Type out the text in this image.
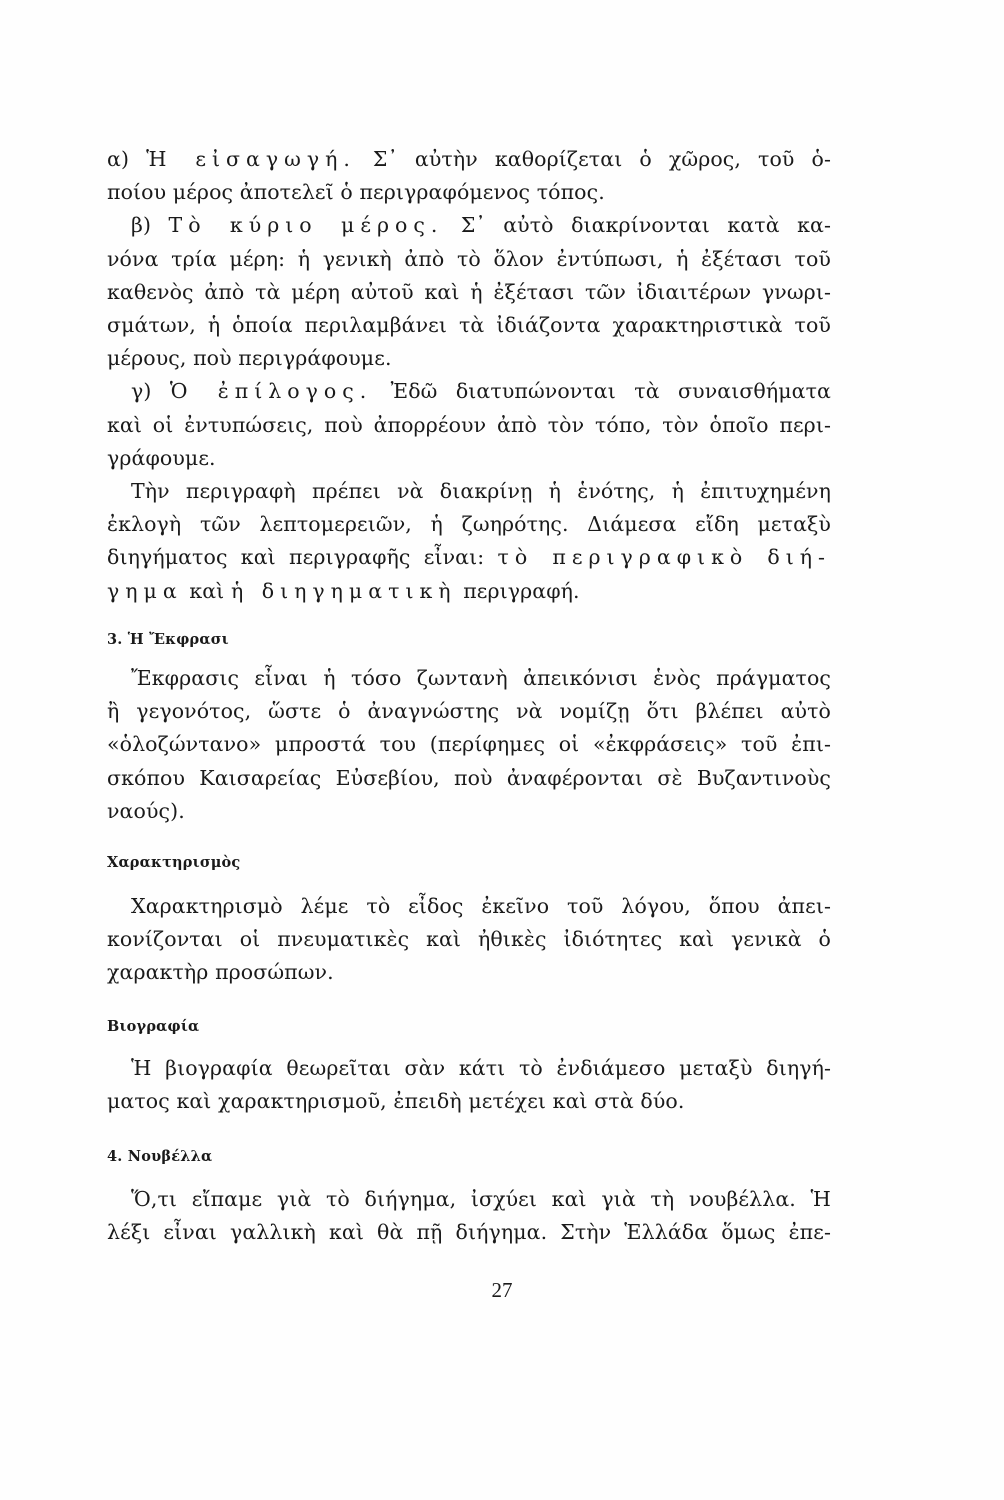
α) Ἡ εἰσαγωγή. Σ᾽ αὐτὴν καθορίζεται ὁ χῶρος, τοῦ ὁ-
ποίου μέρος ἀποτελεῖ ὁ περιγραφόμενος τόπος.
β) Τὸ κύριο μέρος. Σ᾽ αὐτὸ διακρίνονται κατὰ κα-
νόνα τρία μέρη: ἡ γενικὴ ἀπὸ τὸ ὅλον ἐντύπωσι, ἡ ἐξέτασι τοῦ
καθενὸς ἀπὸ τὰ μέρη αὐτοῦ καὶ ἡ ἐξέτασι τῶν ἰδιαιτέρων γνωρι-
σμάτων, ἡ ὁποία περιλαμβάνει τὰ ἰδιάζοντα χαρακτηριστικὰ τοῦ
μέρους, ποὺ περιγράφουμε.
γ) Ὁ ἐπίλογος. Ἐδῶ διατυπώνονται τὰ συναισθήματα
καὶ οἱ ἐντυπώσεις, ποὺ ἀπορρέουν ἀπὸ τὸν τόπο, τὸν ὁποῖο περι-
γράφουμε.
Τὴν περιγραφὴ πρέπει νὰ διακρίνῃ ἡ ἑνότης, ἡ ἐπιτυχημένη
ἐκλογὴ τῶν λεπτομερειῶν, ἡ ζωηρότης. Διάμεσα εἴδη μεταξὺ
διηγήματος καὶ περιγραφῆς εἶναι: τὸ περιγραφικὸ διή-
γημα καὶ ἡ διηγηματικὴ περιγραφή.
3. Ἡ Ἔκφρασι
Ἔκφρασις εἶναι ἡ τόσο ζωντανὴ ἀπεικόνισι ἑνὸς πράγματος
ἢ γεγονότος, ὥστε ὁ ἀναγνώστης νὰ νομίζῃ ὅτι βλέπει αὐτὸ
«ὁλοζώντανο» μπροστά του (περίφημες οἱ «ἐκφράσεις» τοῦ ἐπι-
σκόπου Καισαρείας Εὐσεβίου, ποὺ ἀναφέρονται σὲ Βυζαντινοὺς
ναούς).
Χαρακτηρισμὸς
Χαρακτηρισμὸ λέμε τὸ εἶδος ἐκεῖνο τοῦ λόγου, ὅπου ἀπει-
κονίζονται οἱ πνευματικὲς καὶ ἠθικὲς ἰδιότητες καὶ γενικὰ ὁ
χαρακτὴρ προσώπων.
Βιογραφία
Ἡ βιογραφία θεωρεῖται σὰν κάτι τὸ ἐνδιάμεσο μεταξὺ διηγή-
ματος καὶ χαρακτηρισμοῦ, ἐπειδὴ μετέχει καὶ στὰ δύο.
4. Νουβέλλα
Ὅ,τι εἴπαμε γιὰ τὸ διήγημα, ἰσχύει καὶ γιὰ τὴ νουβέλλα. Ἡ
λέξι εἶναι γαλλικὴ καὶ θὰ πῇ διήγημα. Στὴν Ἑλλάδα ὅμως ἐπε-
27
